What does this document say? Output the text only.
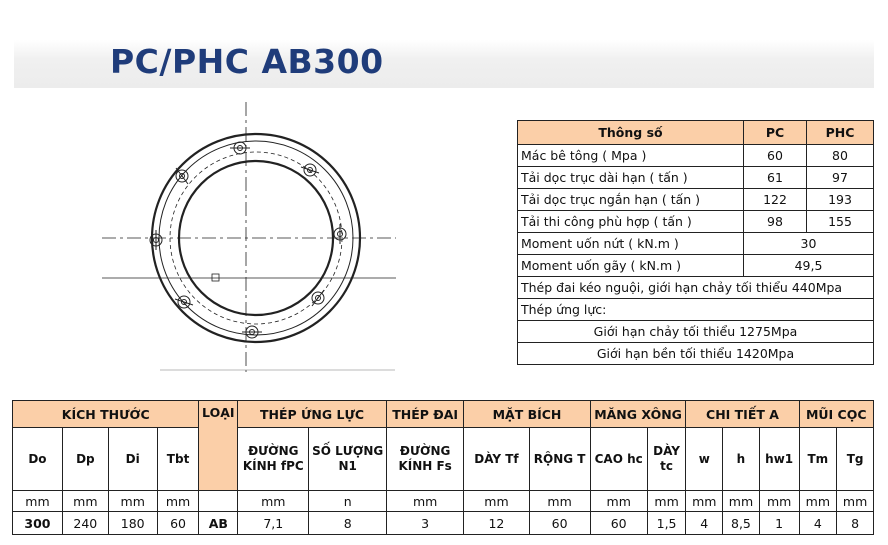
PC/PHC AB300
Thông số	PC	PHC
Mác bê tông ( Mpa )	60	80
Tải dọc trục dài hạn ( tấn )	61	97
Tải dọc trục ngắn hạn ( tấn )	122	193
Tải thi công phù hợp ( tấn )	98	155
Moment uốn nứt ( kN.m )	30	
Moment uốn gãy ( kN.m )	49,5	
Thép đai kéo nguội, giới hạn chảy tối thiểu 440Mpa		
Thép ứng lực:		
Giới hạn chảy tối thiểu 1275Mpa		
Giới hạn bền tối thiểu 1420Mpa		
KÍCH THƯỚC				LOẠI	THÉP ỨNG LỰC		THÉP ĐAI	MẶT BÍCH		MĂNG XÔNG		CHI TIẾT A			MŨI CỌC	
Do	Dp	Di	Tbt		ĐƯỜNG KÍNH fPC	SỐ LƯỢNG N1	ĐƯỜNG KÍNH Fs	DÀY Tf	RỘNG T	CAO hc	DÀY tc	w	h	hw1	Tm	Tg
mm	mm	mm	mm		mm	n	mm	mm	mm	mm	mm	mm	mm	mm	mm	mm
300	240	180	60	AB	7,1	8	3	12	60	60	1,5	4	8,5	1	4	8
